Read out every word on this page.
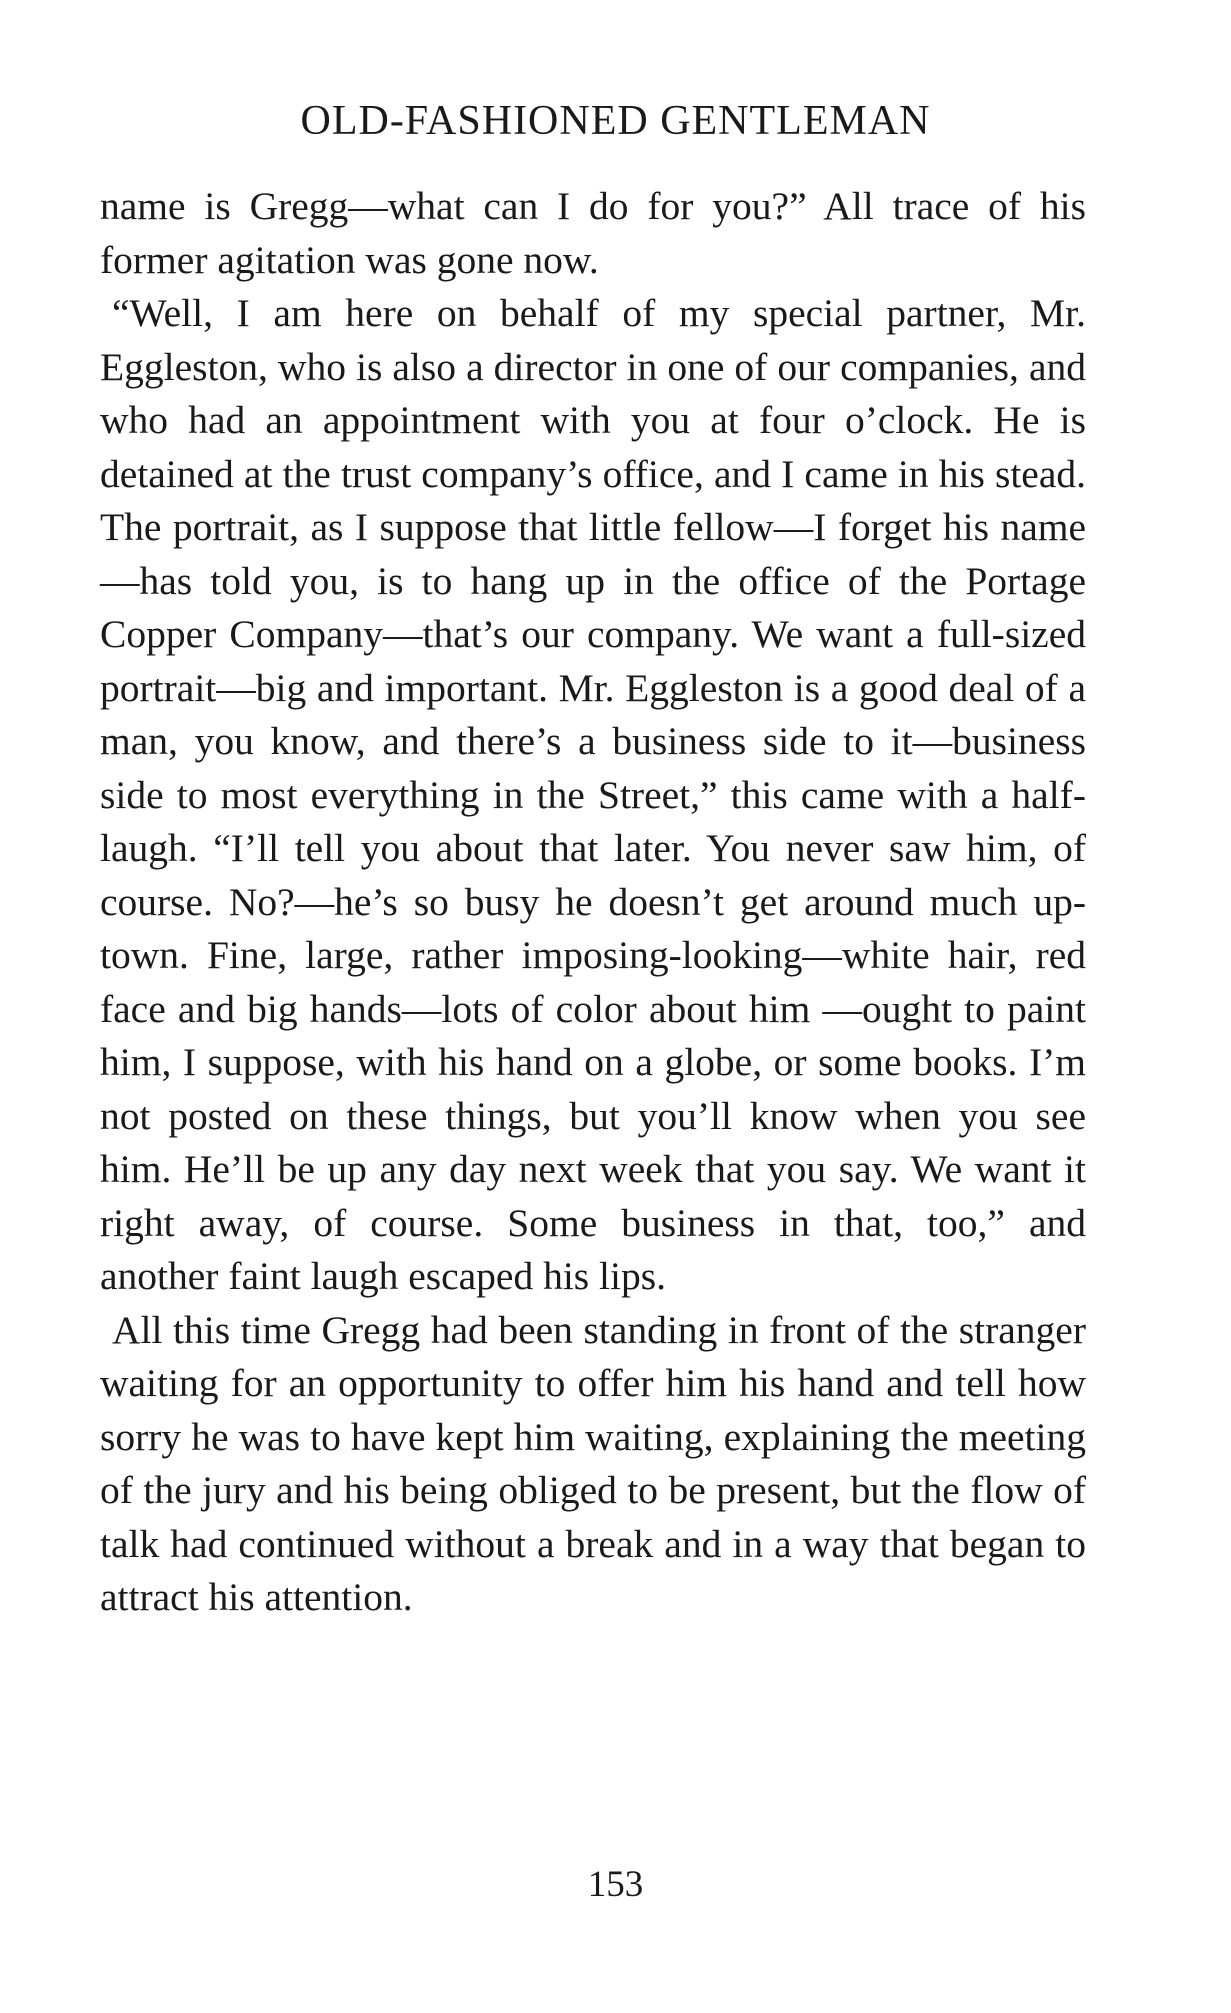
OLD-FASHIONED GENTLEMAN

name is Gregg—what can I do for you?” All trace of his former agitation was gone now.

“Well, I am here on behalf of my special partner, Mr. Eggleston, who is also a director in one of our companies, and who had an appointment with you at four o’clock. He is detained at the trust company’s office, and I came in his stead. The portrait, as I suppose that little fellow—I forget his name—has told you, is to hang up in the office of the Portage Copper Company—that’s our company. We want a full-sized portrait—big and important. Mr. Eggleston is a good deal of a man, you know, and there’s a business side to it—business side to most everything in the Street,” this came with a half-laugh. “I’ll tell you about that later. You never saw him, of course. No?—he’s so busy he doesn’t get around much uptown. Fine, large, rather imposing-looking—white hair, red face and big hands—lots of color about him —ought to paint him, I suppose, with his hand on a globe, or some books. I’m not posted on these things, but you’ll know when you see him. He’ll be up any day next week that you say. We want it right away, of course. Some business in that, too,” and another faint laugh escaped his lips.

All this time Gregg had been standing in front of the stranger waiting for an opportunity to offer him his hand and tell how sorry he was to have kept him waiting, explaining the meeting of the jury and his being obliged to be present, but the flow of talk had continued without a break and in a way that began to attract his attention.

153
